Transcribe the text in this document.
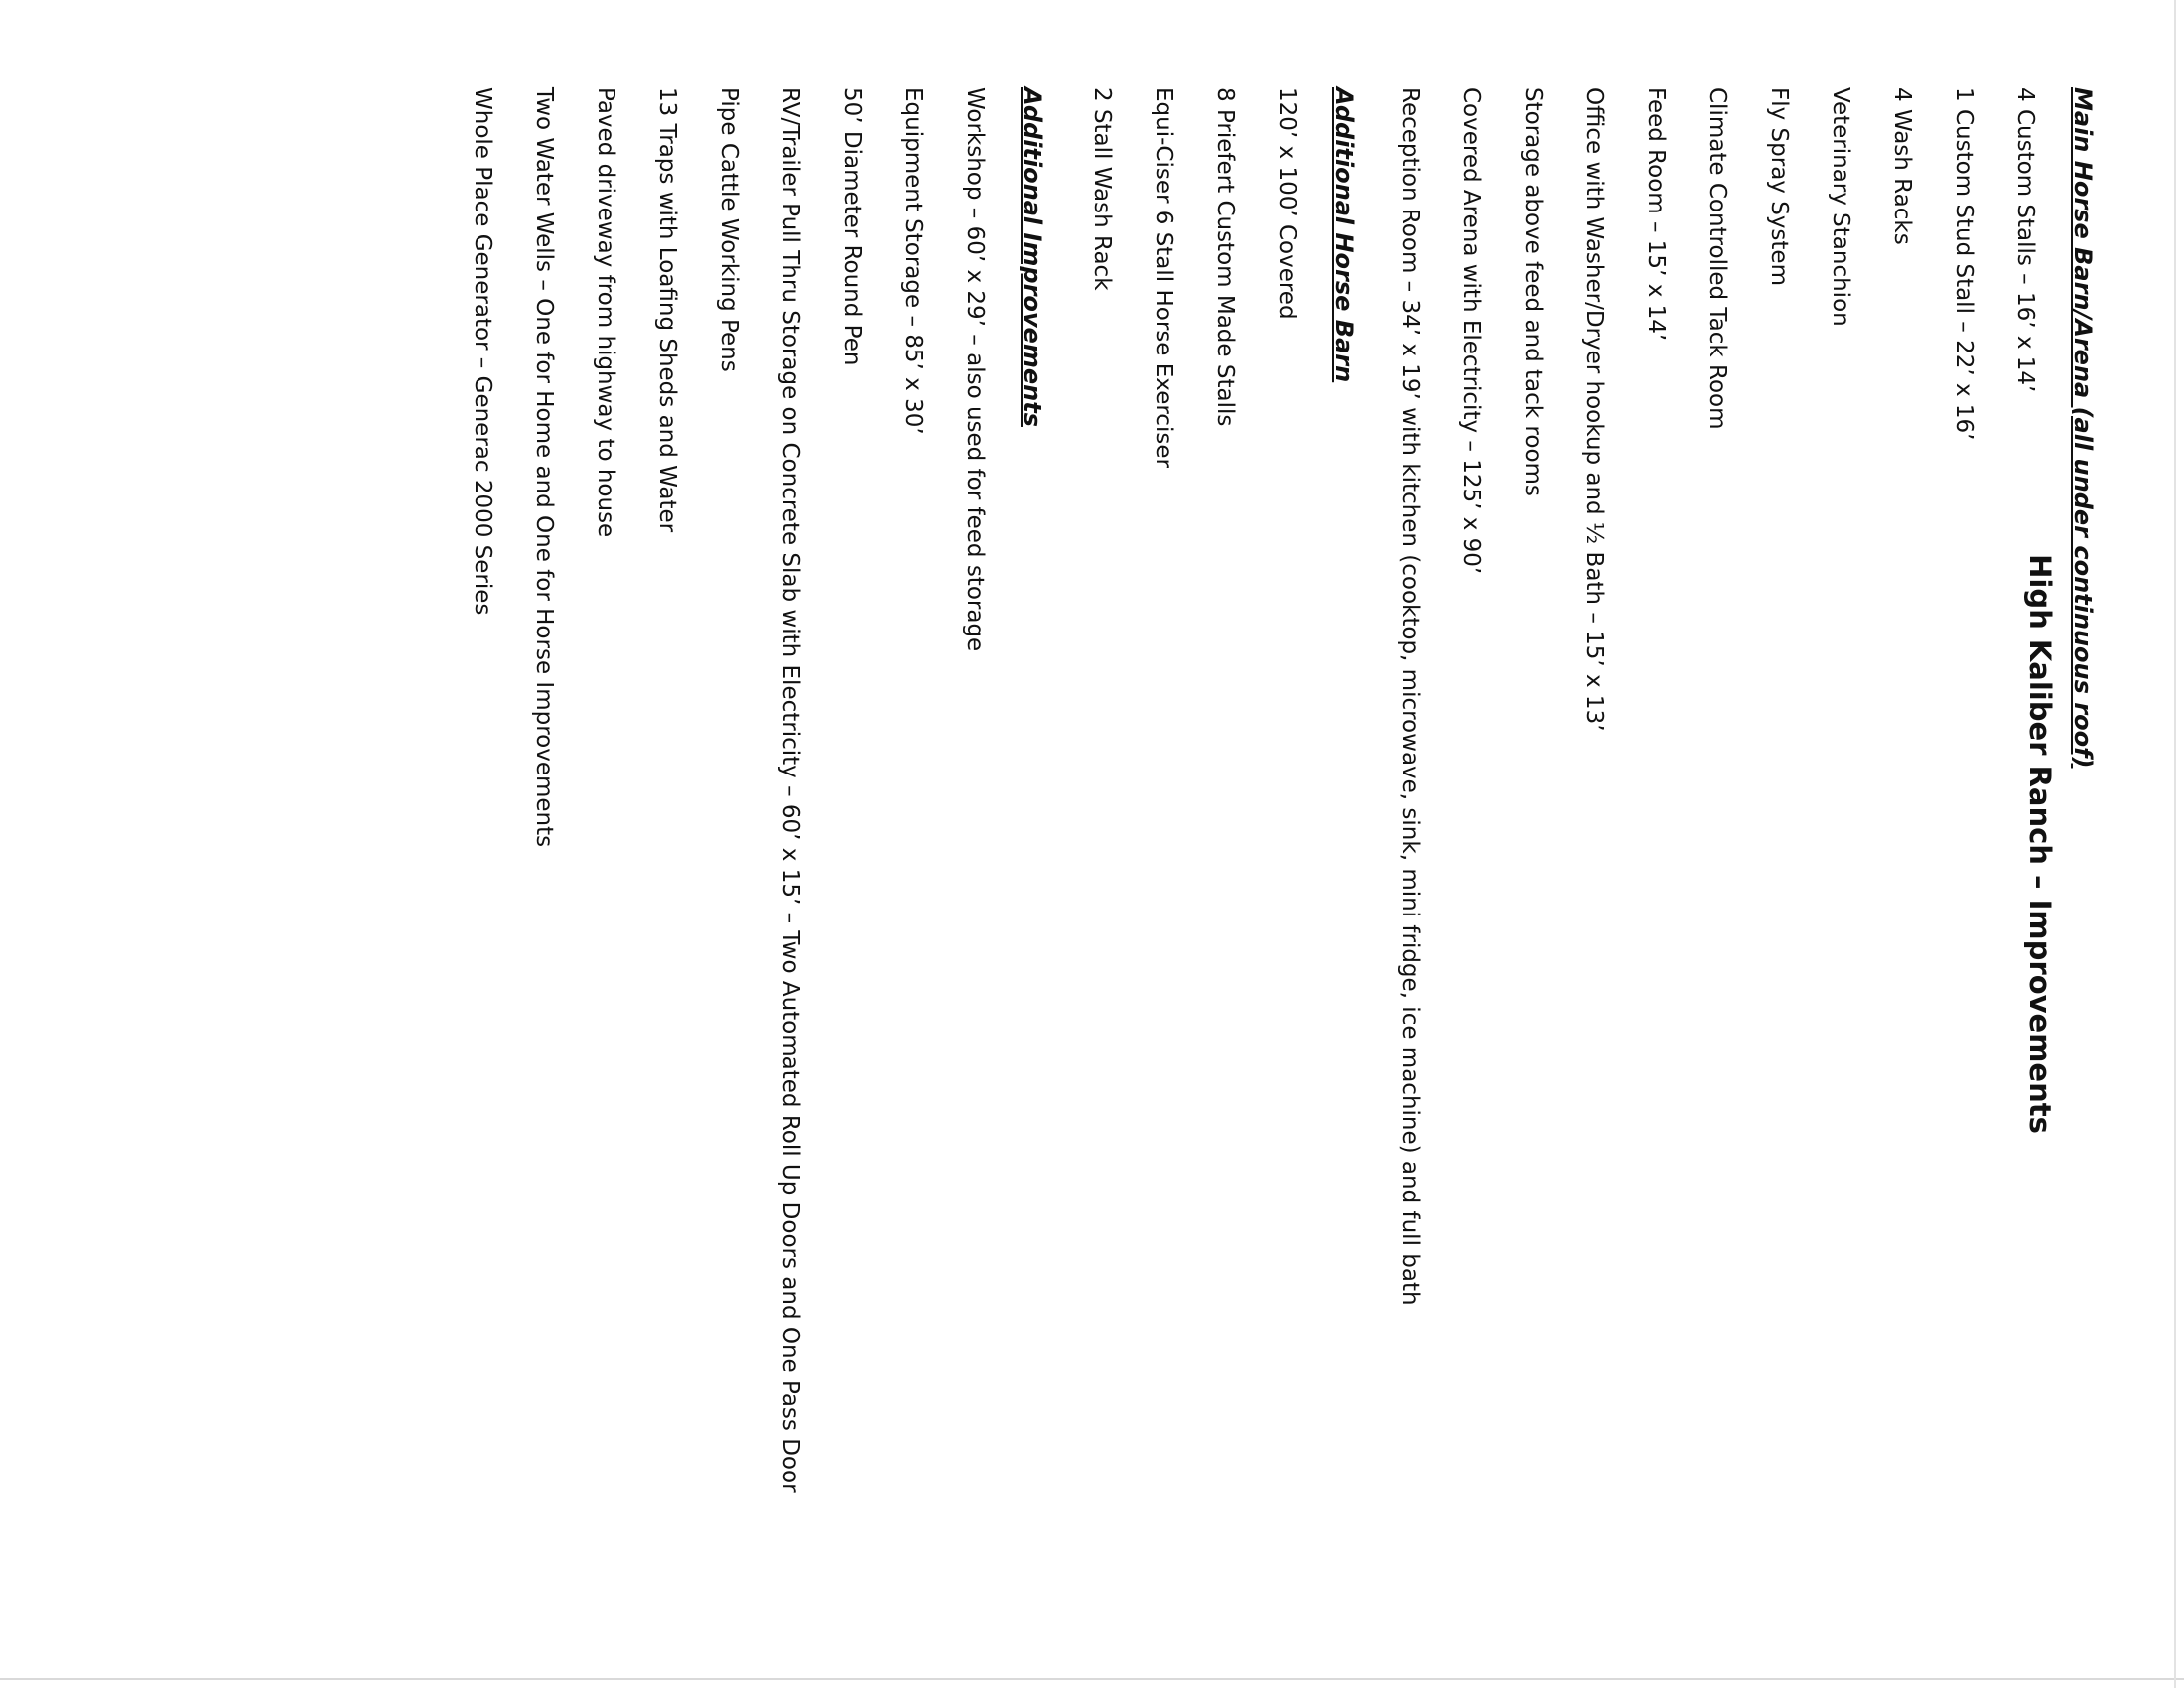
High Kaliber Ranch – Improvements
Main Horse Barn/Arena (all under continuous roof)
4 Custom Stalls – 16’ x 14’
1 Custom Stud Stall – 22’ x 16’
4 Wash Racks
Veterinary Stanchion
Fly Spray System
Climate Controlled Tack Room
Feed Room – 15’ x 14’
Office with Washer/Dryer hookup and ½ Bath – 15’ x 13’
Storage above feed and tack rooms
Covered Arena with Electricity – 125’ x 90’
Reception Room – 34’ x 19’ with kitchen (cooktop, microwave, sink, mini fridge, ice machine) and full bath
Additional Horse Barn
120’ x 100’ Covered
8 Priefert Custom Made Stalls
Equi-Ciser 6 Stall Horse Exerciser
2 Stall Wash Rack
Additional Improvements
Workshop – 60’ x 29’ – also used for feed storage
Equipment Storage – 85’ x 30’
50’ Diameter Round Pen
RV/Trailer Pull Thru Storage on Concrete Slab with Electricity – 60’ x 15’ – Two Automated Roll Up Doors and One Pass Door
Pipe Cattle Working Pens
13 Traps with Loafing Sheds and Water
Paved driveway from highway to house
Two Water Wells – One for Home and One for Horse Improvements
Whole Place Generator – Generac 2000 Series
